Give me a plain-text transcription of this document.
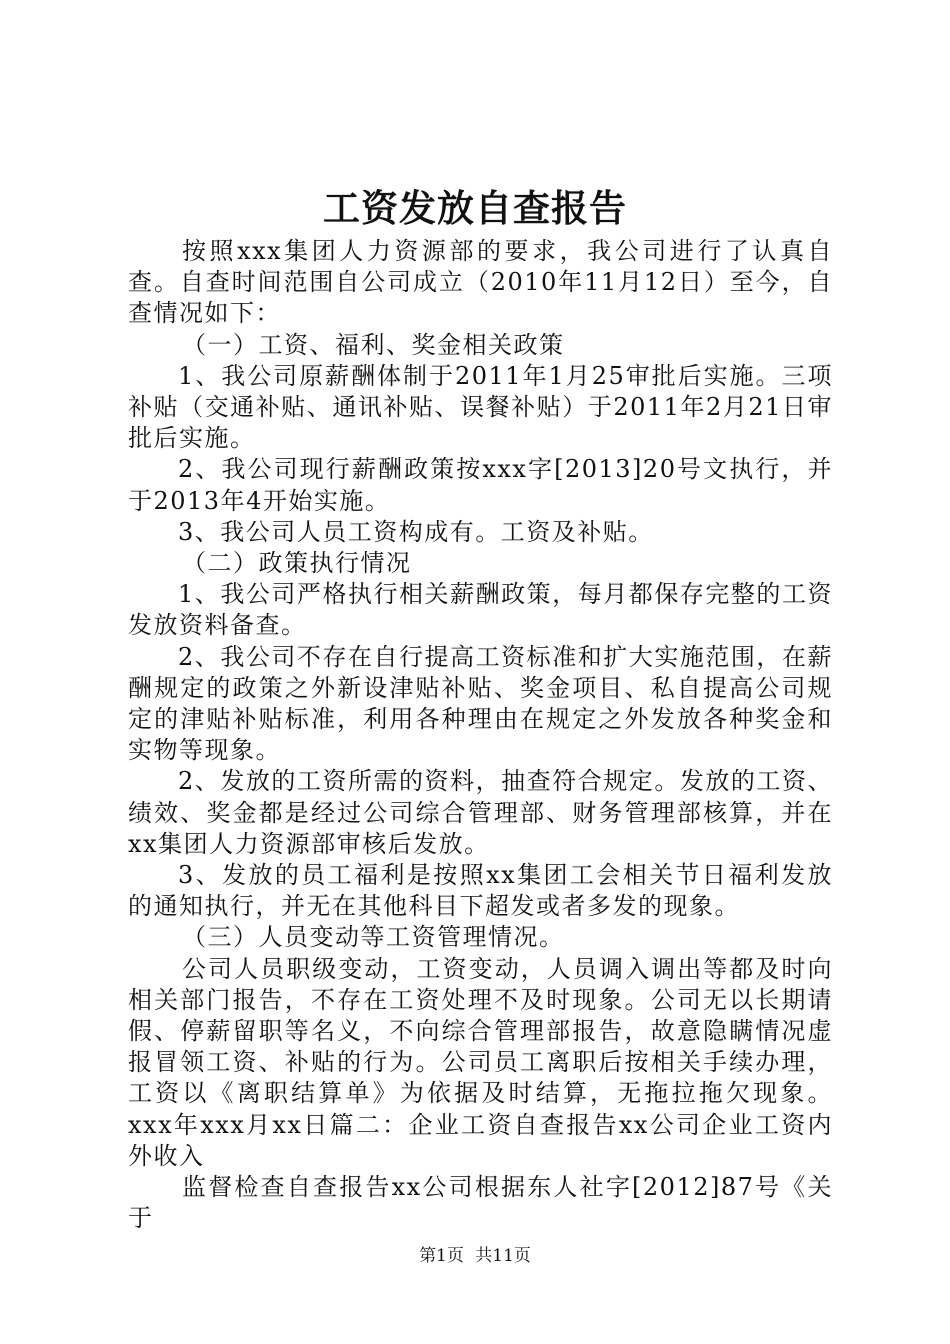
工资发放自查报告

按照xxx集团人力资源部的要求，我公司进行了认真自查。自查时间范围自公司成立（2010年11月12日）至今，自查情况如下：

（一）工资、福利、奖金相关政策

1、我公司原薪酬体制于2011年1月25审批后实施。三项补贴（交通补贴、通讯补贴、误餐补贴）于2011年2月21日审批后实施。

2、我公司现行薪酬政策按xxx字[2013]20号文执行，并于2013年4开始实施。

3、我公司人员工资构成有。工资及补贴。

（二）政策执行情况

1、我公司严格执行相关薪酬政策，每月都保存完整的工资发放资料备查。

2、我公司不存在自行提高工资标准和扩大实施范围，在薪酬规定的政策之外新设津贴补贴、奖金项目、私自提高公司规定的津贴补贴标准，利用各种理由在规定之外发放各种奖金和实物等现象。

2、发放的工资所需的资料，抽查符合规定。发放的工资、绩效、奖金都是经过公司综合管理部、财务管理部核算，并在xx集团人力资源部审核后发放。

3、发放的员工福利是按照xx集团工会相关节日福利发放的通知执行，并无在其他科目下超发或者多发的现象。

（三）人员变动等工资管理情况。

公司人员职级变动，工资变动，人员调入调出等都及时向相关部门报告，不存在工资处理不及时现象。公司无以长期请假、停薪留职等名义，不向综合管理部报告，故意隐瞒情况虚报冒领工资、补贴的行为。公司员工离职后按相关手续办理，工资以《离职结算单》为依据及时结算，无拖拉拖欠现象。xxx年xxx月xx日篇二：企业工资自查报告xx公司企业工资内外收入

监督检查自查报告xx公司根据东人社字[2012]87号《关于

第1页 共11页
